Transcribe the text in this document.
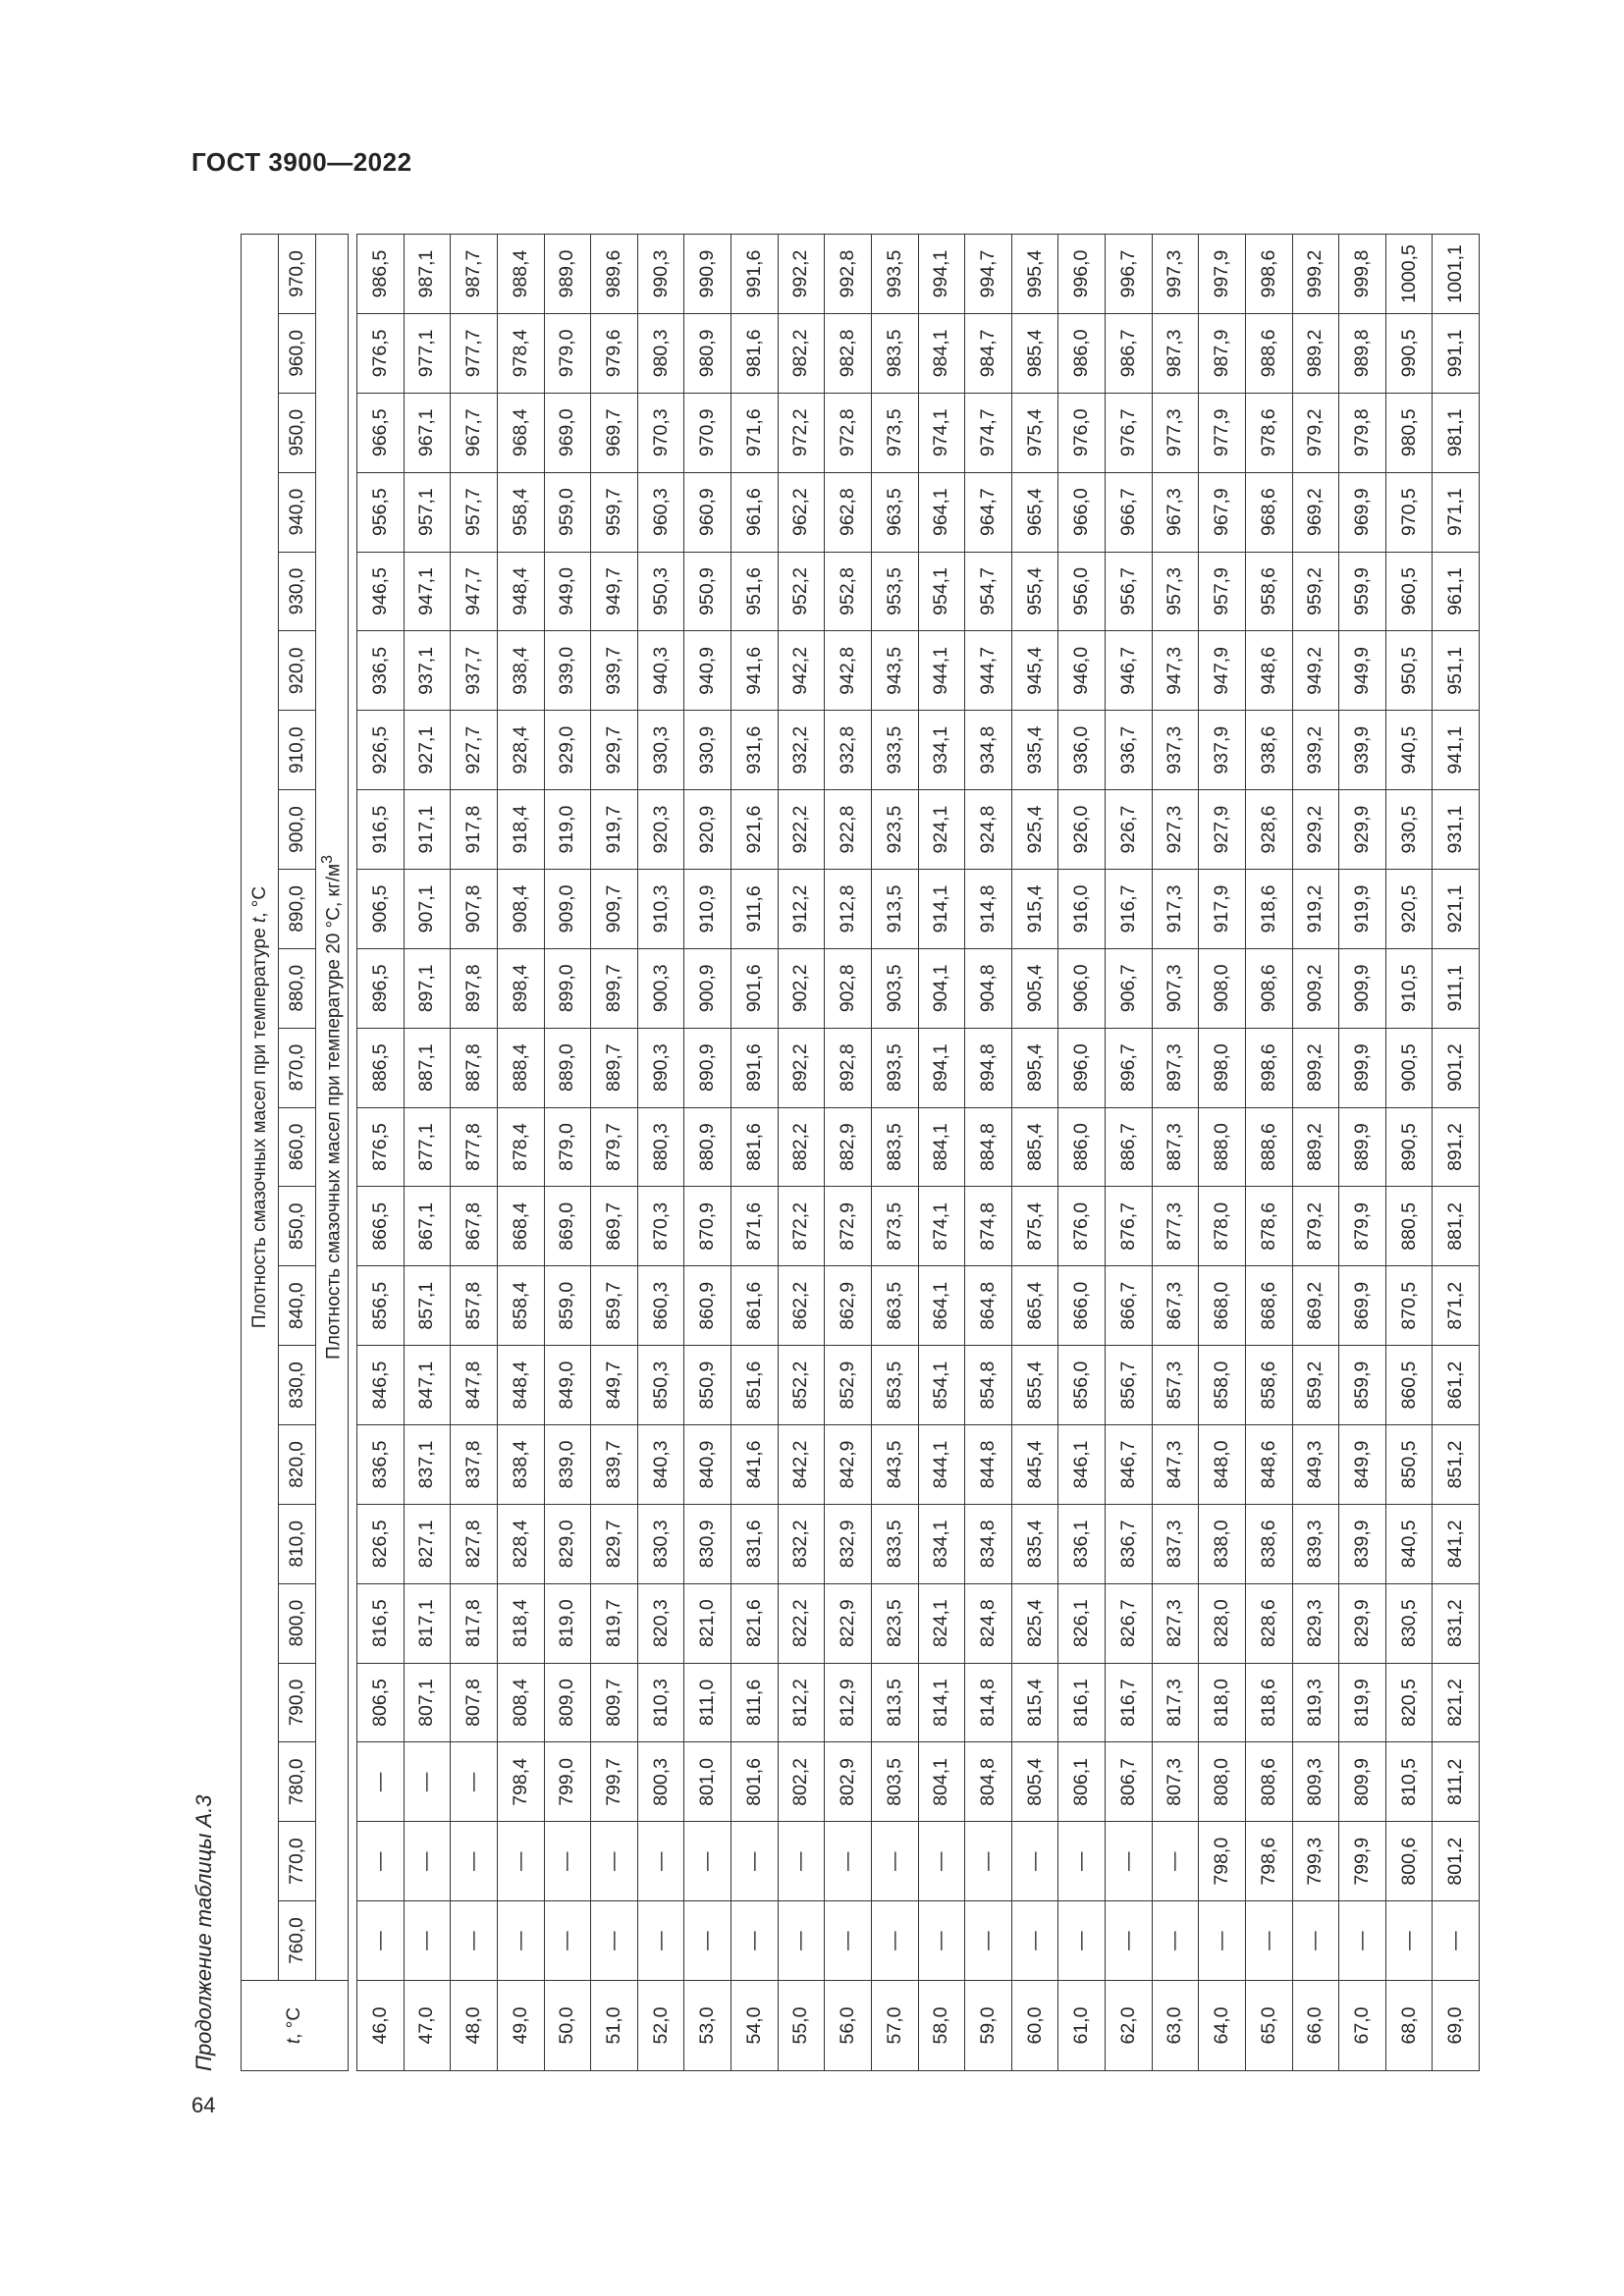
ГОСТ 3900—2022
Продолжение таблицы А.3	t, °C	Плотность смазочных масел при температуре t, °C																					
	760,0	770,0	780,0	790,0	800,0	810,0	820,0	830,0	840,0	850,0	860,0	870,0	880,0	890,0	900,0	910,0	920,0	930,0	940,0	950,0	960,0	970,0
	Плотность смазочных масел при температуре 20 °C, $кг/м^3$

46,0	—	—	—	806,5	816,5	826,5	836,5	846,5	856,5	866,5	876,5	886,5	896,5	906,5	916,5	926,5	936,5	946,5	956,5	966,5	976,5	986,5
47,0	—	—	—	807,1	817,1	827,1	837,1	847,1	857,1	867,1	877,1	887,1	897,1	907,1	917,1	927,1	937,1	947,1	957,1	967,1	977,1	987,1
48,0	—	—	—	807,8	817,8	827,8	837,8	847,8	857,8	867,8	877,8	887,8	897,8	907,8	917,8	927,7	937,7	947,7	957,7	967,7	977,7	987,7
49,0	—	—	798,4	808,4	818,4	828,4	838,4	848,4	858,4	868,4	878,4	888,4	898,4	908,4	918,4	928,4	938,4	948,4	958,4	968,4	978,4	988,4
50,0	—	—	799,0	809,0	819,0	829,0	839,0	849,0	859,0	869,0	879,0	889,0	899,0	909,0	919,0	929,0	939,0	949,0	959,0	969,0	979,0	989,0
51,0	—	—	799,7	809,7	819,7	829,7	839,7	849,7	859,7	869,7	879,7	889,7	899,7	909,7	919,7	929,7	939,7	949,7	959,7	969,7	979,6	989,6
52,0	—	—	800,3	810,3	820,3	830,3	840,3	850,3	860,3	870,3	880,3	890,3	900,3	910,3	920,3	930,3	940,3	950,3	960,3	970,3	980,3	990,3
53,0	—	—	801,0	811,0	821,0	830,9	840,9	850,9	860,9	870,9	880,9	890,9	900,9	910,9	920,9	930,9	940,9	950,9	960,9	970,9	980,9	990,9
54,0	—	—	801,6	811,6	821,6	831,6	841,6	851,6	861,6	871,6	881,6	891,6	901,6	911,6	921,6	931,6	941,6	951,6	961,6	971,6	981,6	991,6
55,0	—	—	802,2	812,2	822,2	832,2	842,2	852,2	862,2	872,2	882,2	892,2	902,2	912,2	922,2	932,2	942,2	952,2	962,2	972,2	982,2	992,2
56,0	—	—	802,9	812,9	822,9	832,9	842,9	852,9	862,9	872,9	882,9	892,8	902,8	912,8	922,8	932,8	942,8	952,8	962,8	972,8	982,8	992,8
57,0	—	—	803,5	813,5	823,5	833,5	843,5	853,5	863,5	873,5	883,5	893,5	903,5	913,5	923,5	933,5	943,5	953,5	963,5	973,5	983,5	993,5
58,0	—	—	804,1	814,1	824,1	834,1	844,1	854,1	864,1	874,1	884,1	894,1	904,1	914,1	924,1	934,1	944,1	954,1	964,1	974,1	984,1	994,1
59,0	—	—	804,8	814,8	824,8	834,8	844,8	854,8	864,8	874,8	884,8	894,8	904,8	914,8	924,8	934,8	944,7	954,7	964,7	974,7	984,7	994,7
60,0	—	—	805,4	815,4	825,4	835,4	845,4	855,4	865,4	875,4	885,4	895,4	905,4	915,4	925,4	935,4	945,4	955,4	965,4	975,4	985,4	995,4
61,0	—	—	806,1	816,1	826,1	836,1	846,1	856,0	866,0	876,0	886,0	896,0	906,0	916,0	926,0	936,0	946,0	956,0	966,0	976,0	986,0	996,0
62,0	—	—	806,7	816,7	826,7	836,7	846,7	856,7	866,7	876,7	886,7	896,7	906,7	916,7	926,7	936,7	946,7	956,7	966,7	976,7	986,7	996,7
63,0	—	—	807,3	817,3	827,3	837,3	847,3	857,3	867,3	877,3	887,3	897,3	907,3	917,3	927,3	937,3	947,3	957,3	967,3	977,3	987,3	997,3
64,0	—	798,0	808,0	818,0	828,0	838,0	848,0	858,0	868,0	878,0	888,0	898,0	908,0	917,9	927,9	937,9	947,9	957,9	967,9	977,9	987,9	997,9
65,0	—	798,6	808,6	818,6	828,6	838,6	848,6	858,6	868,6	878,6	888,6	898,6	908,6	918,6	928,6	938,6	948,6	958,6	968,6	978,6	988,6	998,6
66,0	—	799,3	809,3	819,3	829,3	839,3	849,3	859,2	869,2	879,2	889,2	899,2	909,2	919,2	929,2	939,2	949,2	959,2	969,2	979,2	989,2	999,2
67,0	—	799,9	809,9	819,9	829,9	839,9	849,9	859,9	869,9	879,9	889,9	899,9	909,9	919,9	929,9	939,9	949,9	959,9	969,9	979,8	989,8	999,8
68,0	—	800,6	810,5	820,5	830,5	840,5	850,5	860,5	870,5	880,5	890,5	900,5	910,5	920,5	930,5	940,5	950,5	960,5	970,5	980,5	990,5	1000,5
69,0	—	801,2	811,2	821,2	831,2	841,2	851,2	861,2	871,2	881,2	891,2	901,2	911,1	921,1	931,1	941,1	951,1	961,1	971,1	981,1	991,1	1001,1
64
